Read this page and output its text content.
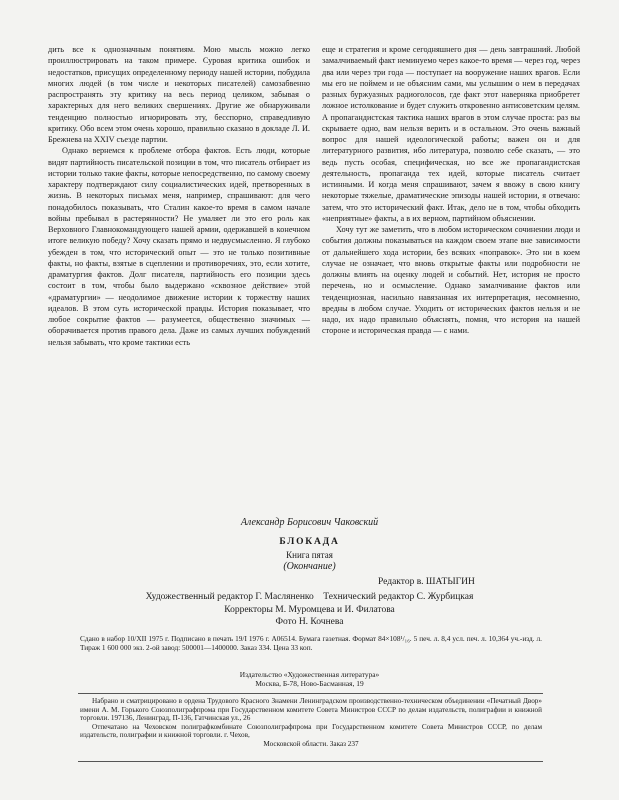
дить все к однозначным понятиям. Мою мысль можно легко проиллюстрировать на таком примере. Суровая критика ошибок и недостатков, присущих определенному периоду нашей истории, побудила многих людей (в том числе и некоторых писателей) самозабвенно распространять эту критику на весь период целиком, забывая о характерных для него великих свершениях. Другие же обнаруживали тенденцию полностью игнорировать эту, бесспорно, справедливую критику. Обо всем этом очень хорошо, правильно сказано в докладе Л. И. Брежнева на XXIV съезде партии.

Однако вернемся к проблеме отбора фактов. Есть люди, которые видят партийность писательской позиции в том, что писатель отбирает из истории только такие факты, которые непосредственно, по самому своему характеру подтверждают силу социалистических идей, претворенных в жизнь. В некоторых письмах меня, например, спрашивают: для чего понадобилось показывать, что Сталин какое-то время в самом начале войны пребывал в растерянности? Не умаляет ли это его роль как Верховного Главнокомандующего нашей армии, одержавшей в конечном итоге великую победу? Хочу сказать прямо и недвусмысленно. Я глубоко убежден в том, что исторический опыт — это не только позитивные факты, но факты, взятые в сцеплении и противоречиях, это, если хотите, драматургия фактов. Долг писателя, партийность его позиции здесь состоит в том, чтобы было выдержано «сквозное действие» этой «драматургии» — неодолимое движение истории к торжеству наших идеалов. В этом суть исторической правды. История показывает, что любое сокрытие фактов — разумеется, общественно значимых — оборачивается против правого дела. Даже из самых лучших побуждений нельзя забывать, что кроме тактики есть

еще и стратегия и кроме сегодняшнего дня — день завтрашний. Любой замалчиваемый факт неминуемо через какое-то время — через год, через два или через три года — поступает на вооружение наших врагов. Если мы его не поймем и не объясним сами, мы услышим о нем в передачах разных буржуазных радиоголосов, где факт этот наверняка приобретет ложное истолкование и будет служить откровенно антисоветским целям. А пропагандистская тактика наших врагов в этом случае проста: раз вы скрываете одно, вам нельзя верить и в остальном. Это очень важный вопрос для нашей идеологической работы; важен он и для литературного развития, ибо литература, позволю себе сказать, — это ведь пусть особая, специфическая, но все же пропагандистская деятельность, пропаганда тех идей, которые писатель считает истинными. И когда меня спрашивают, зачем я ввожу в свою книгу некоторые тяжелые, драматические эпизоды нашей истории, я отвечаю: затем, что это исторический факт. Итак, дело не в том, чтобы обходить «неприятные» факты, а в их верном, партийном объяснении.

Хочу тут же заметить, что в любом историческом сочинении люди и события должны показываться на каждом своем этапе вне зависимости от дальнейшего хода истории, без всяких «поправок». Это ни в коем случае не означает, что вновь открытые факты или подробности не должны влиять на оценку людей и событий. Нет, история не просто перечень, но и осмысление. Однако замалчивание фактов или тенденциозная, насильно навязанная их интерпретация, несомненно, вредны в любом случае. Уходить от исторических фактов нельзя и не надо, их надо правильно объяснять, помня, что история на нашей стороне и историческая правда — с нами.

Александр Борисович Чаковский
БЛОКАДА
Книга пятая
(Окончание)
Редактор в. ШАТЫГИН
Художественный редактор Г. Масляненко    Технический редактор С. Журбицкая
Корректоры М. Муромцева и И. Филатова
Фото Н. Кочнева
Сдано в набор 10/XII 1975 г. Подписано в печать 19/I 1976 г. А06514. Бумага газетная. Формат 84×108¹/₁₆. 5 печ. л. 8,4 усл. печ. л. 10,364 уч.-изд. л. Тираж 1 600 000 экз. 2-ой завод: 500001—1400000. Заказ 334. Цена 33 коп.
Издательство «Художественная литература»
Москва, Б-78, Ново-Басманная, 19

Набрано и сматрицировано в ордена Трудового Красного Знамени Ленинградском производственно-техническом объединении «Печатный Двор» имени А. М. Горького Союзполиграфпрома при Государственном комитете Совета Министров СССР по делам издательств, полиграфии и книжной торговли. 197136, Ленинград, П-136, Гатчинская ул., 26

Отпечатано на Чеховском полиграфкомбинате Союзполиграфпрома при Государственном комитете Совета Министров СССР, по делам издательств, полиграфии и книжной торговли. г. Чехов,

Московской области. Заказ 237
